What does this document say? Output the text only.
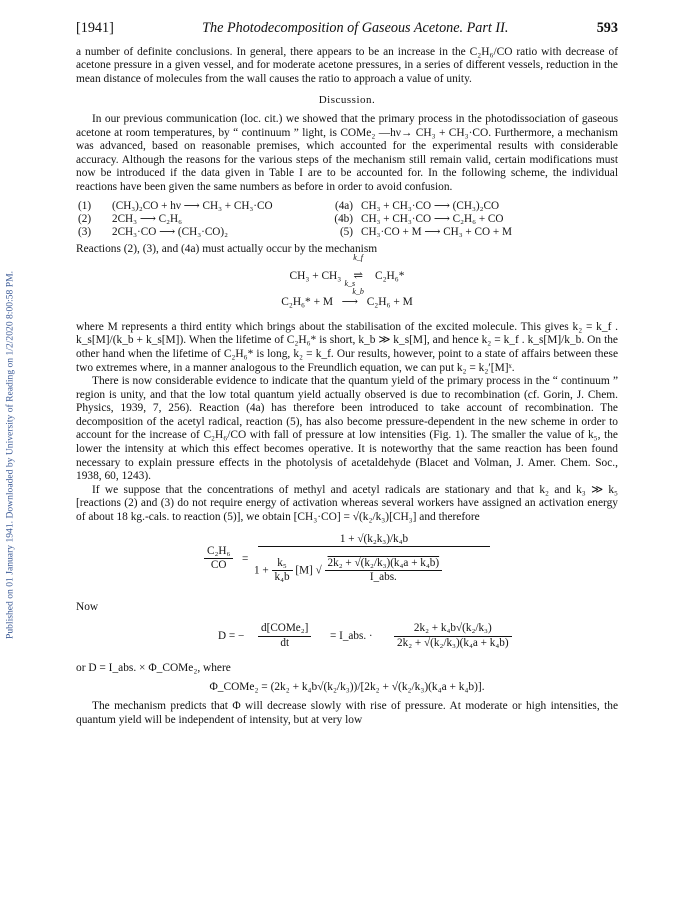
Published on 01 January 1941. Downloaded by University of Reading on 1/2/2020 8:00:58 PM.
[1941]	The Photodecomposition of Gaseous Acetone. Part II.	593

a number of definite conclusions. In general, there appears to be an increase in the C₂H₆/CO ratio with decrease of acetone pressure in a given vessel, and for moderate acetone pressures, in a series of different vessels, reduction in the mean distance of molecules from the wall causes the ratio to approach a value of unity.

Discussion.

In our previous communication (loc. cit.) we showed that the primary process in the photodissociation of gaseous acetone at room temperatures, by “ continuum ” light, is COMe₂ —hν→ CH₃ + CH₃·CO. Furthermore, a mechanism was advanced, based on reasonable premises, which accounted for the experimental results with considerable accuracy. Although the reasons for the various steps of the mechanism still remain valid, certain modifications must now be introduced if the data given in Table I are to be accounted for. In the following scheme, the individual reactions have been given the same numbers as before in order to avoid confusion.

(1)	(CH₃)₂CO + hν ⟶ CH₃ + CH₃·CO	(4a)	CH₃ + CH₃·CO ⟶ (CH₃)₂CO
(2)	2CH₃ ⟶ C₂H₆	(4b)	CH₃ + CH₃·CO ⟶ C₂H₆ + CO
(3)	2CH₃·CO ⟶ (CH₃·CO)₂	(5)	CH₃·CO + M ⟶ CH₃ + CO + M

Reactions (2), (3), and (4a) must actually occur by the mechanism

CH₃ + CH₃
k_f
⇌
k_b
C₂H₆*
C₂H₆* + M
k_s
⟶ C₂H₆ + M

where M represents a third entity which brings about the stabilisation of the excited molecule. This gives k₂ = k_f . k_s[M]/(k_b + k_s[M]). When the lifetime of C₂H₆* is short, k_b ≫ k_s[M], and hence k₂ = k_f . k_s[M]/k_b. On the other hand when the lifetime of C₂H₆* is long, k₂ = k_f. Our results, however, point to a state of affairs between these two extremes where, in a manner analogous to the Freundlich equation, we can put k₂ = k₂′[M]ˣ.

There is now considerable evidence to indicate that the quantum yield of the primary process in the “ continuum ” region is unity, and that the low total quantum yield actually observed is due to recombination (cf. Gorin, J. Chem. Physics, 1939, 7, 256). Reaction (4a) has therefore been introduced to take account of recombination. The decomposition of the acetyl radical, reaction (5), has also become pressure-dependent in the new scheme in order to account for the increase of C₂H₆/CO with fall of pressure at low intensities (Fig. 1). The smaller the value of k₅, the lower the intensity at which this effect becomes operative. It is noteworthy that the same reaction has been found necessary to explain pressure effects in the photolysis of acetaldehyde (Blacet and Volman, J. Amer. Chem. Soc., 1938, 60, 1243).

If we suppose that the concentrations of methyl and acetyl radicals are stationary and that k₂ and k₃ ≫ k₅ [reactions (2) and (3) do not require energy of activation whereas several workers have assigned an activation energy of about 18 kg.-cals. to reaction (5)], we obtain [CH₃·CO] = √(k₂/k₃)[CH₃] and therefore

$\frac{\text{C₂H₆}}{CO}$ =
1 + √(k₂k₃)/k₄b
$1 + \frac{\text{k₅}}{\text{k₄b}} [M]$ √ $\frac{\text{2k₂ + √(k₂/k₃)(k₄a + k₄b)}}{\text{I\_abs.}}$

Now

D = −
d[COMe₂]
dt
= I_abs. · $\frac{\text{2k₂ + k₄b√(k₂/k₃)}}{\text{2k₂ + √(k₂/k₃)(k₄a + k₄b)}}$

or D = I_abs. × Φ_COMe₂, where

Φ_COMe₂ = (2k₂ + k₄b√(k₂/k₃))/[2k₂ + √(k₂/k₃)(k₄a + k₄b)].

The mechanism predicts that Φ will decrease slowly with rise of pressure. At moderate or high intensities, the quantum yield will be independent of intensity, but at very low
